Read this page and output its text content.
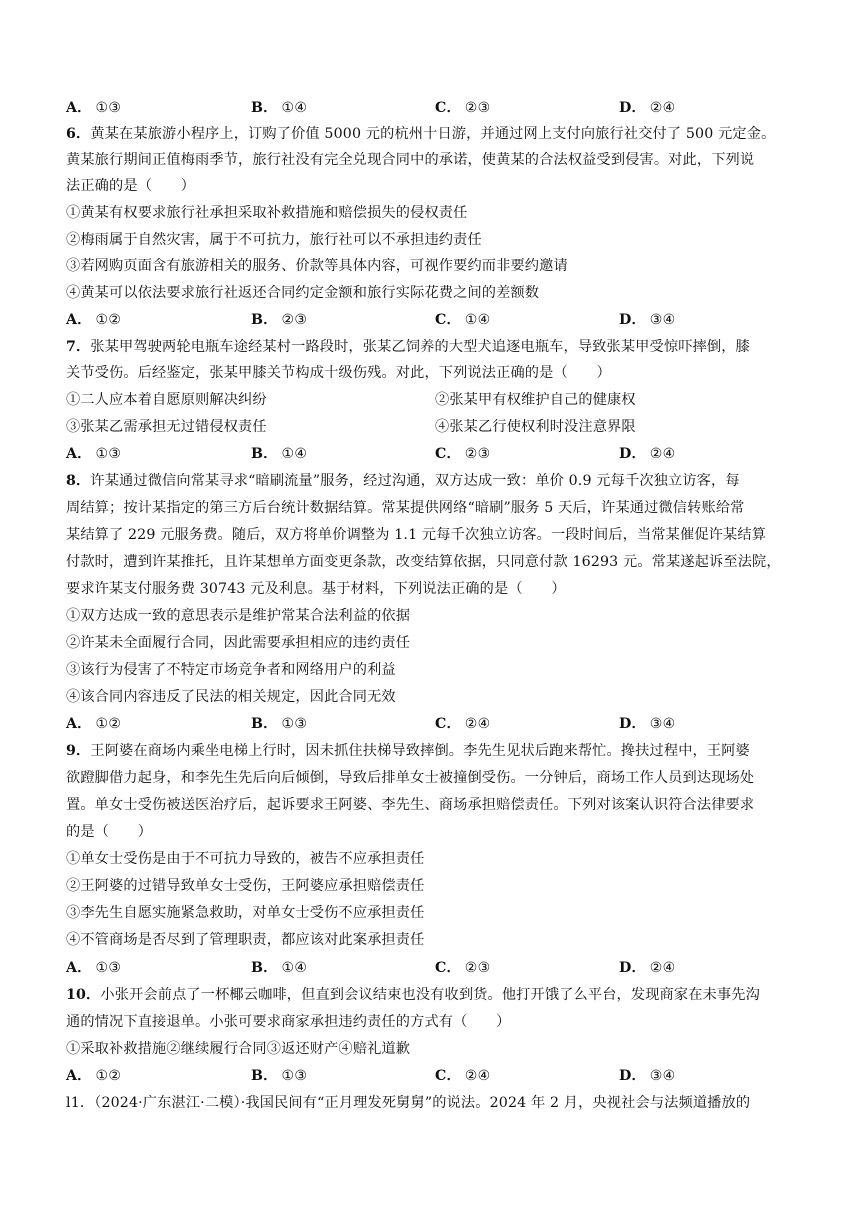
A． ①③	B． ①④	C． ②③	D． ②④
6．黄某在某旅游小程序上，订购了价值 5000 元的杭州十日游，并通过网上支付向旅行社交付了 500 元定金。
黄某旅行期间正值梅雨季节，旅行社没有完全兑现合同中的承诺，使黄某的合法权益受到侵害。对此，下列说
法正确的是（　　）
①黄某有权要求旅行社承担采取补救措施和赔偿损失的侵权责任
②梅雨属于自然灾害，属于不可抗力，旅行社可以不承担违约责任
③若网购页面含有旅游相关的服务、价款等具体内容，可视作要约而非要约邀请
④黄某可以依法要求旅行社返还合同约定金额和旅行实际花费之间的差额数
A． ①②	B． ②③	C． ①④	D． ③④
7．张某甲驾驶两轮电瓶车途经某村一路段时，张某乙饲养的大型犬追逐电瓶车，导致张某甲受惊吓摔倒，膝
关节受伤。后经鉴定，张某甲膝关节构成十级伤残。对此，下列说法正确的是（　　）
①二人应本着自愿原则解决纠纷	②张某甲有权维护自己的健康权
③张某乙需承担无过错侵权责任	④张某乙行使权利时没注意界限
A． ①③	B． ①④	C． ②③	D． ②④
8．许某通过微信向常某寻求“暗刷流量”服务，经过沟通，双方达成一致：单价 0.9 元每千次独立访客，每
周结算；按计某指定的第三方后台统计数据结算。常某提供网络“暗刷”服务 5 天后，许某通过微信转账给常
某结算了 229 元服务费。随后，双方将单价调整为 1.1 元每千次独立访客。一段时间后，当常某催促许某结算
付款时，遭到许某推托，且许某想单方面变更条款，改变结算依据，只同意付款 16293 元。常某遂起诉至法院，
要求许某支付服务费 30743 元及利息。基于材料，下列说法正确的是（　　）
①双方达成一致的意思表示是维护常某合法利益的依据
②许某未全面履行合同，因此需要承担相应的违约责任
③该行为侵害了不特定市场竞争者和网络用户的利益
④该合同内容违反了民法的相关规定，因此合同无效
A． ①②	B． ①③	C． ②④	D． ③④
9．王阿婆在商场内乘坐电梯上行时，因未抓住扶梯导致摔倒。李先生见状后跑来帮忙。搀扶过程中，王阿婆
欲蹬脚借力起身，和李先生先后向后倾倒，导致后排单女士被撞倒受伤。一分钟后，商场工作人员到达现场处
置。单女士受伤被送医治疗后，起诉要求王阿婆、李先生、商场承担赔偿责任。下列对该案认识符合法律要求
的是（　　）
①单女士受伤是由于不可抗力导致的，被告不应承担责任
②王阿婆的过错导致单女士受伤，王阿婆应承担赔偿责任
③李先生自愿实施紧急救助，对单女士受伤不应承担责任
④不管商场是否尽到了管理职责，都应该对此案承担责任
A． ①③	B． ①④	C． ②③	D． ②④
10．小张开会前点了一杯椰云咖啡，但直到会议结束也没有收到货。他打开饿了么平台，发现商家在未事先沟
通的情况下直接退单。小张可要求商家承担违约责任的方式有（　　）
①采取补救措施②继续履行合同③返还财产④赔礼道歉
A． ①②	B． ①③	C． ②④	D． ③④
l1．（2024·广东湛江·二模）·我国民间有“正月理发死舅舅”的说法。2024 年 2 月，央视社会与法频道播放的
